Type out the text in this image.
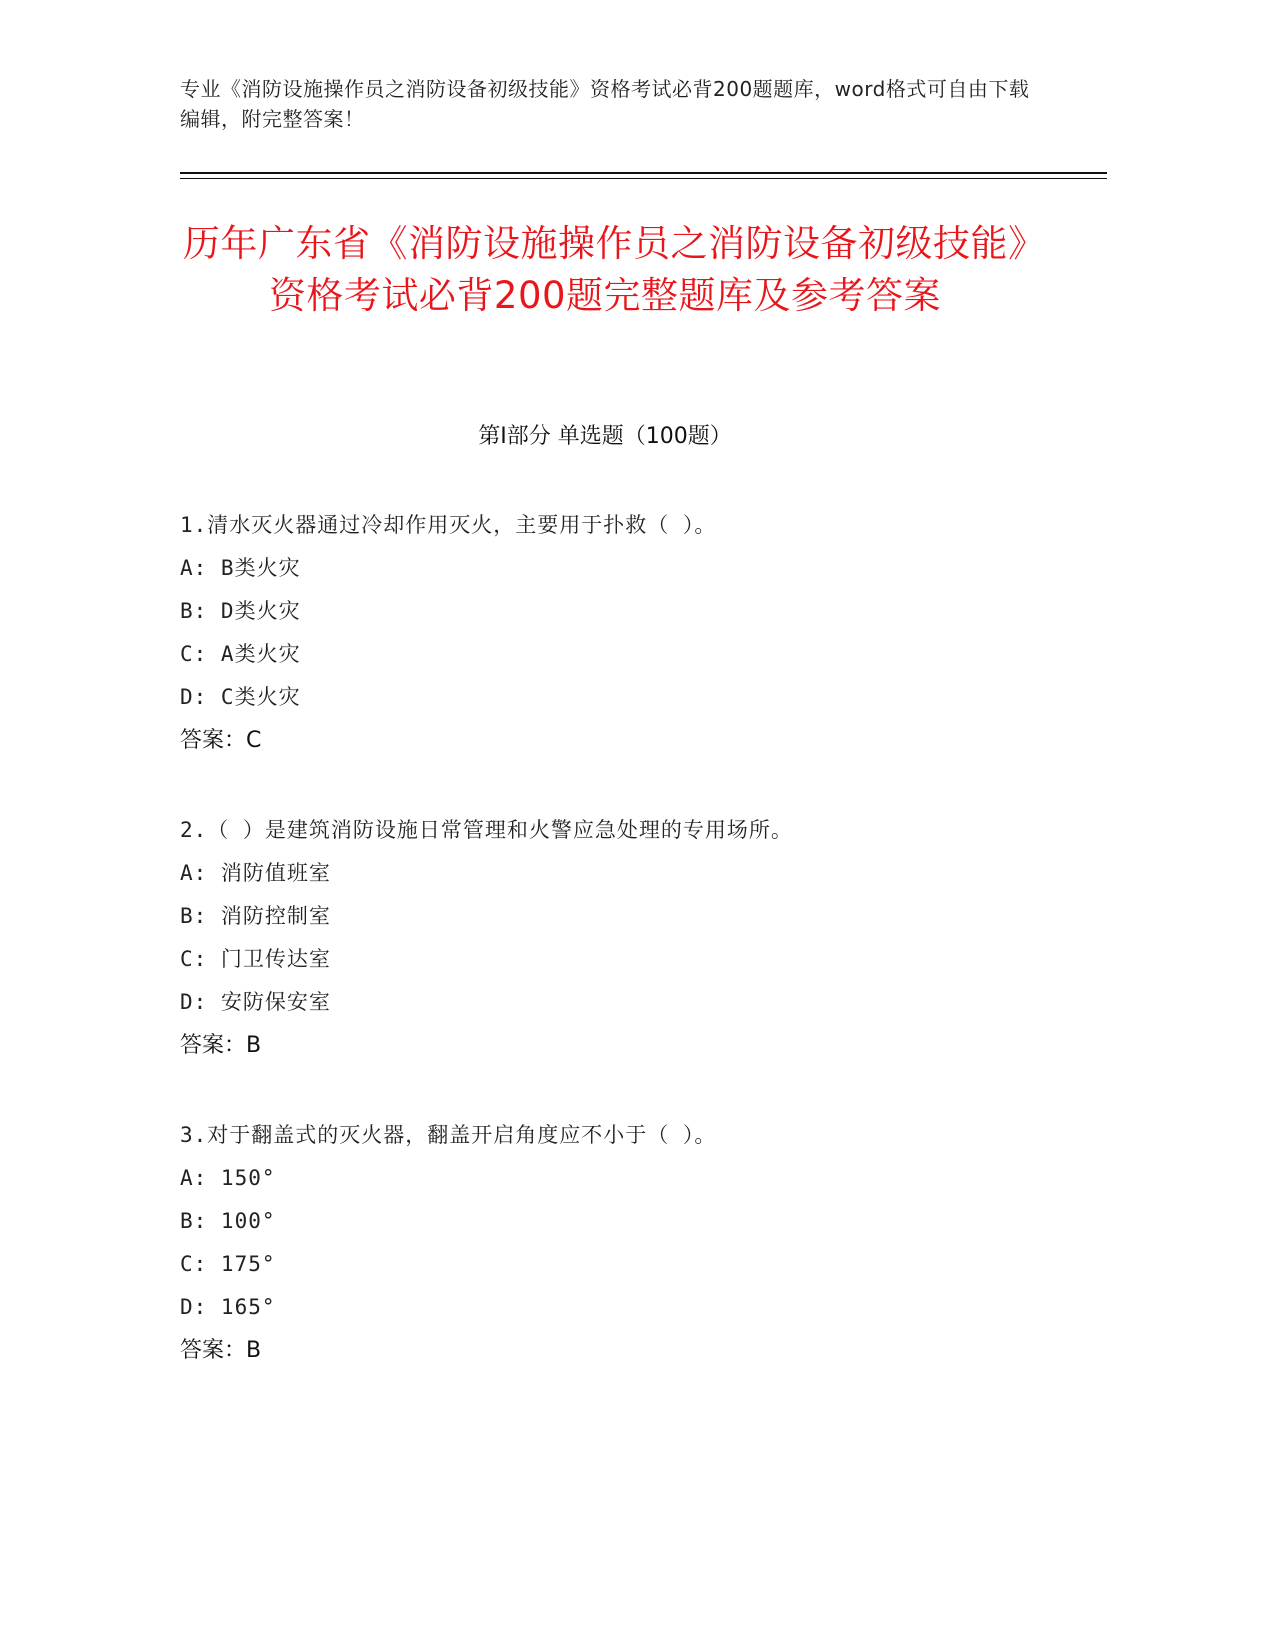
专业《消防设施操作员之消防设备初级技能》资格考试必背200题题库，word格式可自由下载编辑，附完整答案！
历年广东省《消防设施操作员之消防设备初级技能》资格考试必背200题完整题库及参考答案
第I部分 单选题（100题）
1.清水灭火器通过冷却作用灭火，主要用于扑救（ ）。
A: B类火灾
B: D类火灾
C: A类火灾
D: C类火灾
答案：C
2.（ ）是建筑消防设施日常管理和火警应急处理的专用场所。
A: 消防值班室
B: 消防控制室
C: 门卫传达室
D: 安防保安室
答案：B
3.对于翻盖式的灭火器，翻盖开启角度应不小于（ ）。
A: 150°
B: 100°
C: 175°
D: 165°
答案：B
